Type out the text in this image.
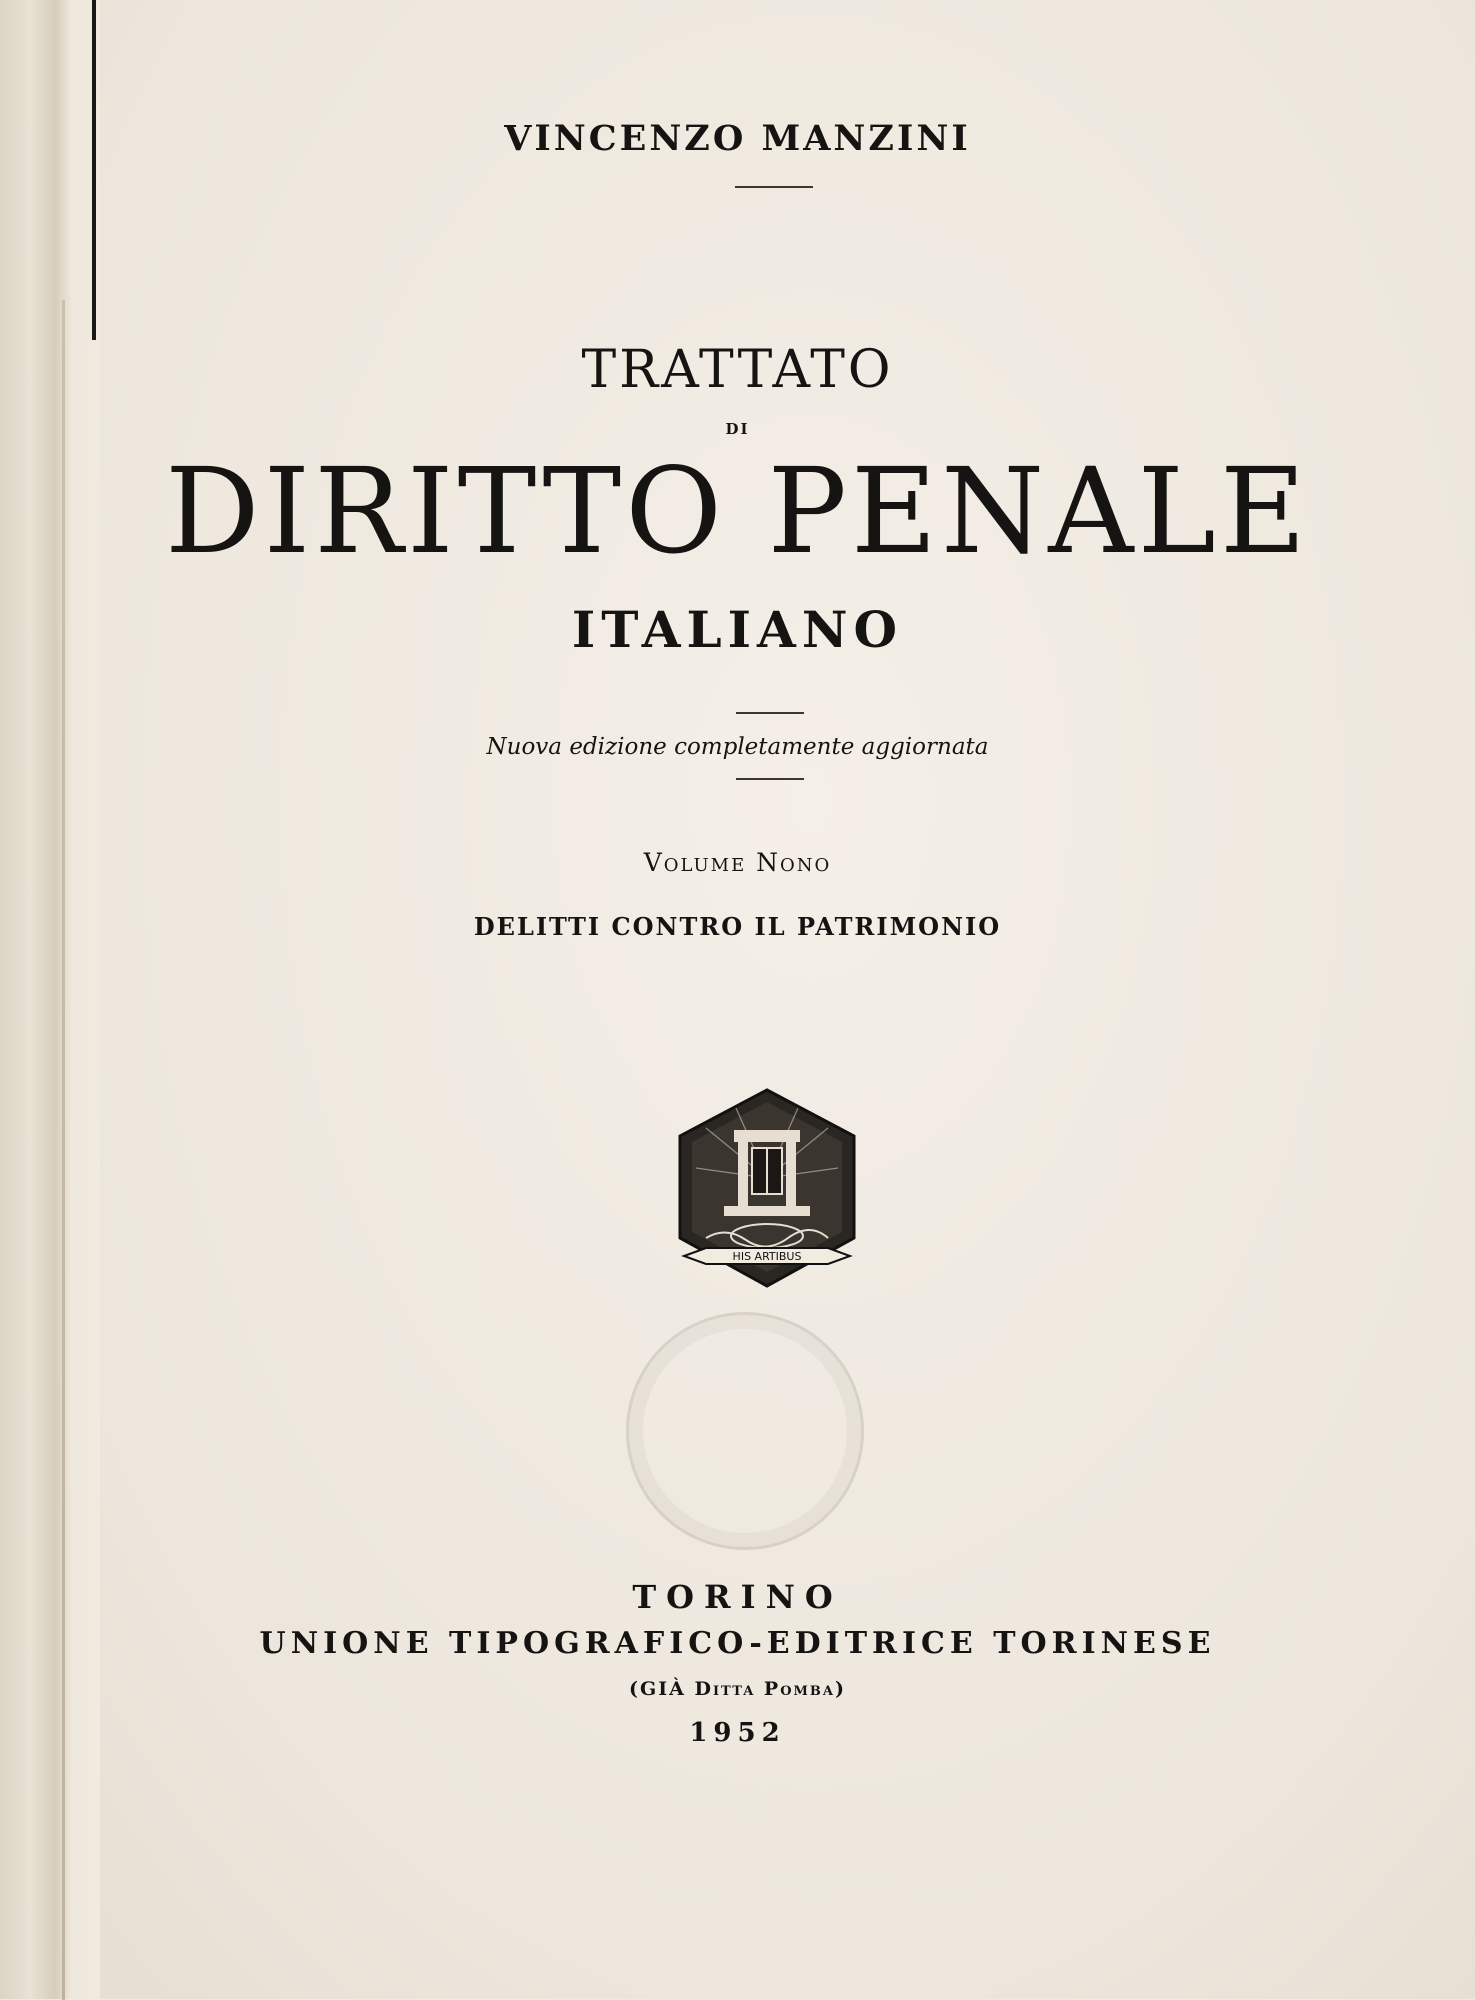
VINCENZO MANZINI
TRATTATO
DI
DIRITTO PENALE
ITALIANO
Nuova edizione completamente aggiornata
Volume Nono
DELITTI CONTRO IL PATRIMONIO
HIS ARTIBUS
TORINO
UNIONE TIPOGRAFICO-EDITRICE TORINESE
(GIÀ Ditta Pomba)
1952
